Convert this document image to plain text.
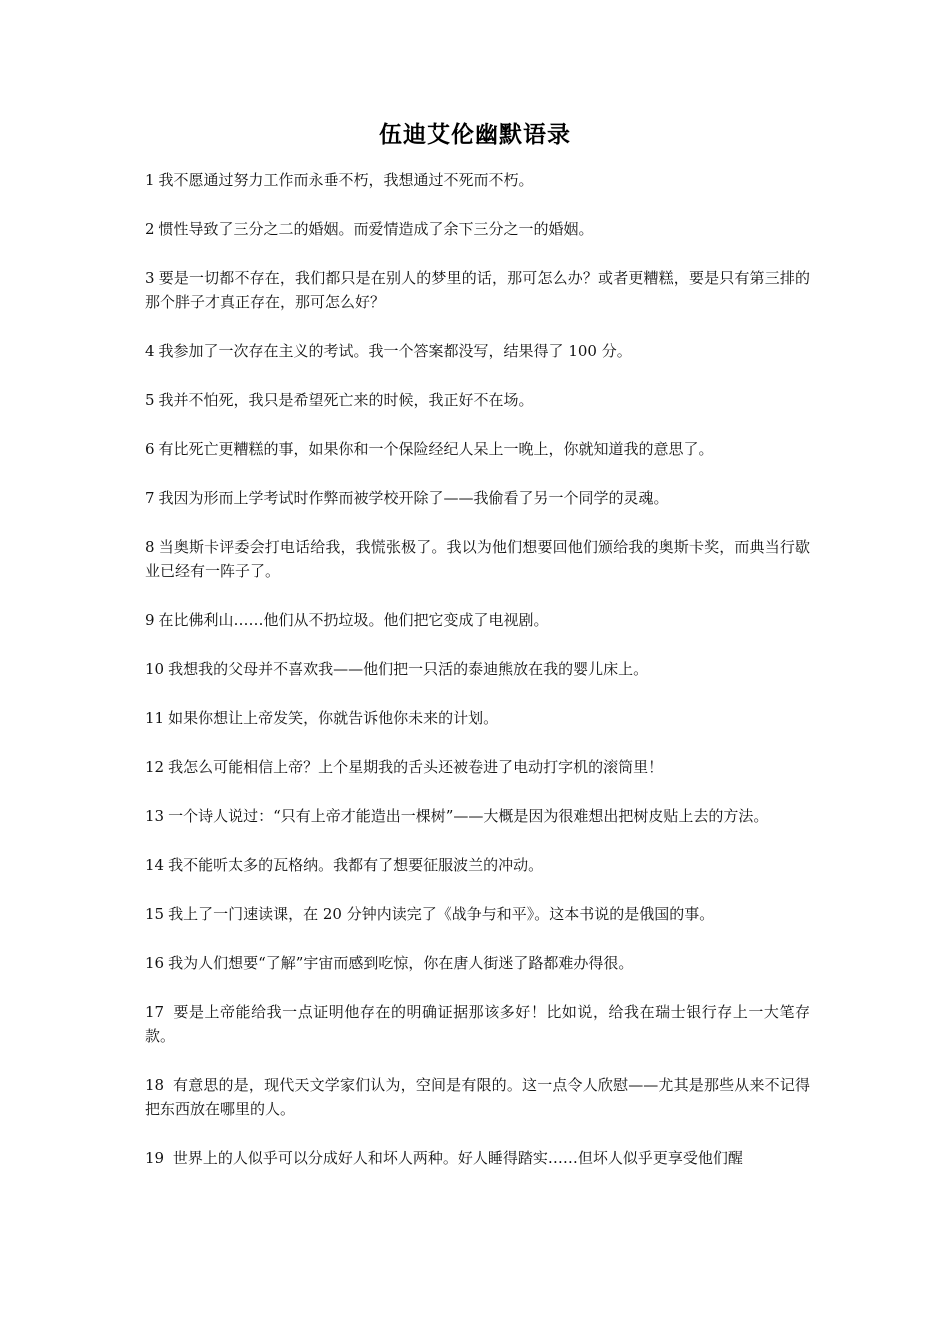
伍迪艾伦幽默语录

1 我不愿通过努力工作而永垂不朽，我想通过不死而不朽。

2 惯性导致了三分之二的婚姻。而爱情造成了余下三分之一的婚姻。

3 要是一切都不存在，我们都只是在别人的梦里的话，那可怎么办？或者更糟糕，要是只有第三排的那个胖子才真正存在，那可怎么好？

4 我参加了一次存在主义的考试。我一个答案都没写，结果得了 100 分。

5 我并不怕死，我只是希望死亡来的时候，我正好不在场。

6 有比死亡更糟糕的事，如果你和一个保险经纪人呆上一晚上，你就知道我的意思了。

7 我因为形而上学考试时作弊而被学校开除了——我偷看了另一个同学的灵魂。

8 当奥斯卡评委会打电话给我，我慌张极了。我以为他们想要回他们颁给我的奥斯卡奖，而典当行歇业已经有一阵子了。

9 在比佛利山……他们从不扔垃圾。他们把它变成了电视剧。

10 我想我的父母并不喜欢我——他们把一只活的泰迪熊放在我的婴儿床上。

11 如果你想让上帝发笑，你就告诉他你未来的计划。

12 我怎么可能相信上帝？上个星期我的舌头还被卷进了电动打字机的滚筒里！

13 一个诗人说过：“只有上帝才能造出一棵树”——大概是因为很难想出把树皮贴上去的方法。

14 我不能听太多的瓦格纳。我都有了想要征服波兰的冲动。

15 我上了一门速读课，在 20 分钟内读完了《战争与和平》。这本书说的是俄国的事。

16 我为人们想要“了解”宇宙而感到吃惊，你在唐人街迷了路都难办得很。

17 要是上帝能给我一点证明他存在的明确证据那该多好！比如说，给我在瑞士银行存上一大笔存款。

18 有意思的是，现代天文学家们认为，空间是有限的。这一点令人欣慰——尤其是那些从来不记得把东西放在哪里的人。

19 世界上的人似乎可以分成好人和坏人两种。好人睡得踏实……但坏人似乎更享受他们醒
